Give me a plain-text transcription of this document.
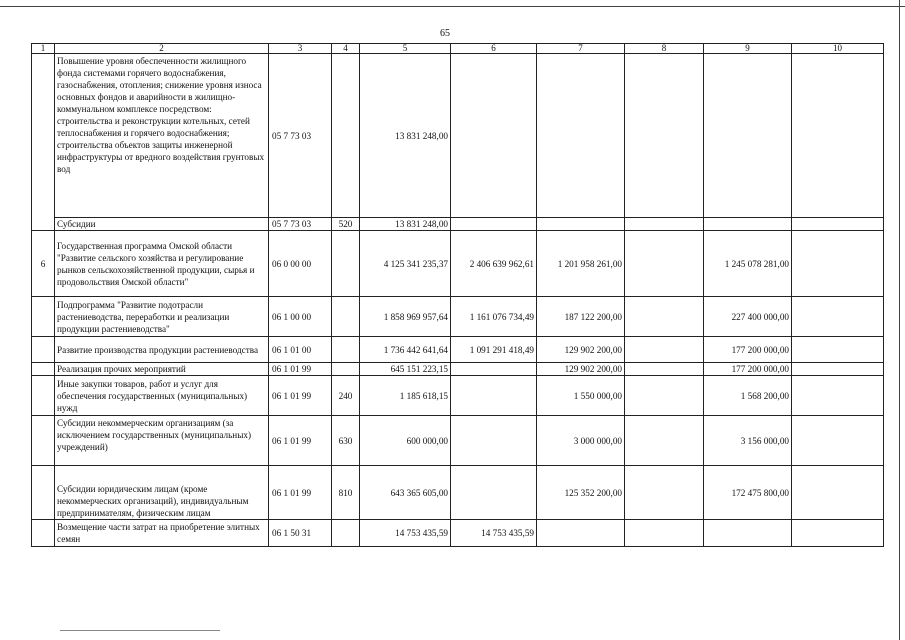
65
1	2	3	4	5	6	7	8	9	10
	Повышение уровня обеспеченности жилищного фонда системами горячего водоснабжения, газоснабжения, отопления; снижение уровня износа основных фондов и аварийности в жилищно-коммунальном комплексе посредством: строительства и реконструкции котельных, сетей теплоснабжения и горячего водоснабжения; строительства объектов защиты инженерной инфраструктуры от вредного воздействия грунтовых вод	05 7 73 03		13 831 248,00					
	Субсидии	05 7 73 03	520	13 831 248,00					
6	Государственная программа Омской области "Развитие сельского хозяйства и регулирование рынков сельскохозяйственной продукции, сырья и продовольствия Омской области"	06 0 00 00		4 125 341 235,37	2 406 639 962,61	1 201 958 261,00		1 245 078 281,00	
	Подпрограмма "Развитие подотрасли растениеводства, переработки и реализации продукции растениеводства"	06 1 00 00		1 858 969 957,64	1 161 076 734,49	187 122 200,00		227 400 000,00	
	Развитие производства продукции растениеводства	06 1 01 00		1 736 442 641,64	1 091 291 418,49	129 902 200,00		177 200 000,00	
	Реализация прочих мероприятий	06 1 01 99		645 151 223,15		129 902 200,00		177 200 000,00	
	Иные закупки товаров, работ и услуг для обеспечения государственных (муниципальных) нужд	06 1 01 99	240	1 185 618,15		1 550 000,00		1 568 200,00	
	Субсидии некоммерческим организациям (за исключением государственных (муниципальных) учреждений)	06 1 01 99	630	600 000,00		3 000 000,00		3 156 000,00	
	Субсидии юридическим лицам (кроме некоммерческих организаций), индивидуальным предпринимателям, физическим лицам	06 1 01 99	810	643 365 605,00		125 352 200,00		172 475 800,00	
	Возмещение части затрат на приобретение элитных семян	06 1 50 31		14 753 435,59	14 753 435,59				
